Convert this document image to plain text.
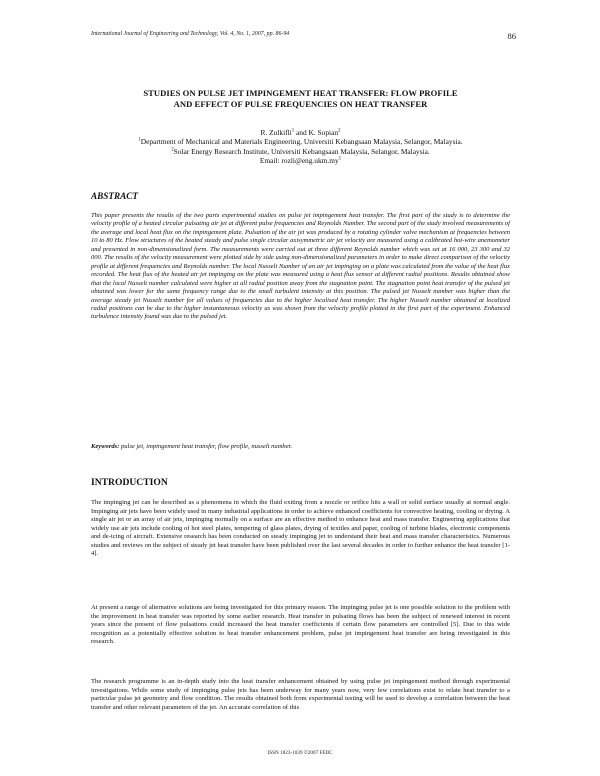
International Journal of Engineering and Technology, Vol. 4, No. 1, 2007, pp. 86-94	86
STUDIES ON PULSE JET IMPINGEMENT HEAT TRANSFER: FLOW PROFILE
AND EFFECT OF PULSE FREQUENCIES ON HEAT TRANSFER
R. Zulkifli$^1$ and K. Sopian$^2$
$^1$Department of Mechanical and Materials Engineering, Universiti Kebangsaan Malaysia, Selangor, Malaysia.
$^2$Solar Energy Research Institute, Universiti Kebangsaan Malaysia, Selangor, Malaysia.
Email: $rozli@eng.ukm.my^1$
ABSTRACT
This paper presents the results of the two parts experimental studies on pulse jet impingement heat transfer. The first part of the study is to determine the velocity profile of a heated circular pulsating air jet at different pulse frequencies and Reynolds Number. The second part of the study involved measurements of the average and local heat flux on the impingement plate. Pulsation of the air jet was produced by a rotating cylinder valve mechanism at frequencies between 10 to 80 Hz. Flow structures of the heated steady and pulse single circular axisymmetric air jet velocity are measured using a calibrated hot-wire anemometer and presented in non-dimensionalized form. The measurements were carried out at three different Reynolds number which was set at 16 000, 23 300 and 32 000. The results of the velocity measurement were plotted side by side using non-dimensionalized parameters in order to make direct comparison of the velocity profile at different frequencies and Reynolds number. The local Nusselt Number of an air jet impinging on a plate was calculated from the value of the heat flux recorded. The heat flux of the heated air jet impinging on the plate was measured using a heat flux sensor at different radial positions. Results obtained show that the local Nusselt number calculated were higher at all radial position away from the stagnation point. The stagnation point heat transfer of the pulsed jet obtained was lower for the same frequency range due to the small turbulent intensity at this position. The pulsed jet Nusselt number was higher than the average steady jet Nusselt number for all values of frequencies due to the higher localised heat transfer. The higher Nusselt number obtained at localized radial positions can be due to the higher instantaneous velocity as was shown from the velocity profile plotted in the first part of the experiment. Enhanced turbulence intensity found was due to the pulsed jet.
Keywords: pulse jet, impingement heat transfer, flow profile, nusselt number.
INTRODUCTION
The impinging jet can be described as a phenomena in which the fluid exiting from a nozzle or orifice hits a wall or solid surface usually at normal angle. Impinging air jets have been widely used in many industrial applications in order to achieve enhanced coefficients for convective heating, cooling or drying. A single air jet or an array of air jets, impinging normally on a surface are an effective method to enhance heat and mass transfer. Engineering applications that widely use air jets include cooling of hot steel plates, tempering of glass plates, drying of textiles and paper, cooling of turbine blades, electronic components and de-icing of aircraft. Extensive research has been conducted on steady impinging jet to understand their heat and mass transfer characteristics. Numerous studies and reviews on the subject of steady jet heat transfer have been published over the last several decades in order to further enhance the heat transfer [1-4].
At present a range of alternative solutions are being investigated for this primary reason. The impinging pulse jet is one possible solution to the problem with the improvement in heat transfer was reported by some earlier research. Heat transfer in pulsating flows has been the subject of renewed interest in recent years since the present of flow pulsations could increased the heat transfer coefficients if certain flow parameters are controlled [5]. Due to this wide recognition as a potentially effective solution to heat transfer enhancement problem, pulse jet impingement heat transfer are being investigated in this research.
The research programme is an in-depth study into the heat transfer enhancement obtained by using pulse jet impingement method through experimental investigations. While some study of impinging pulse jets has been underway for many years now, very few correlations exist to relate heat transfer to a particular pulse jet geometry and flow condition. The results obtained both from experimental testing will be used to develop a correlation between the heat transfer and other relevant parameters of the jet. An accurate correlation of this
ISSN 1823-1039 ©2007 FEIIC
